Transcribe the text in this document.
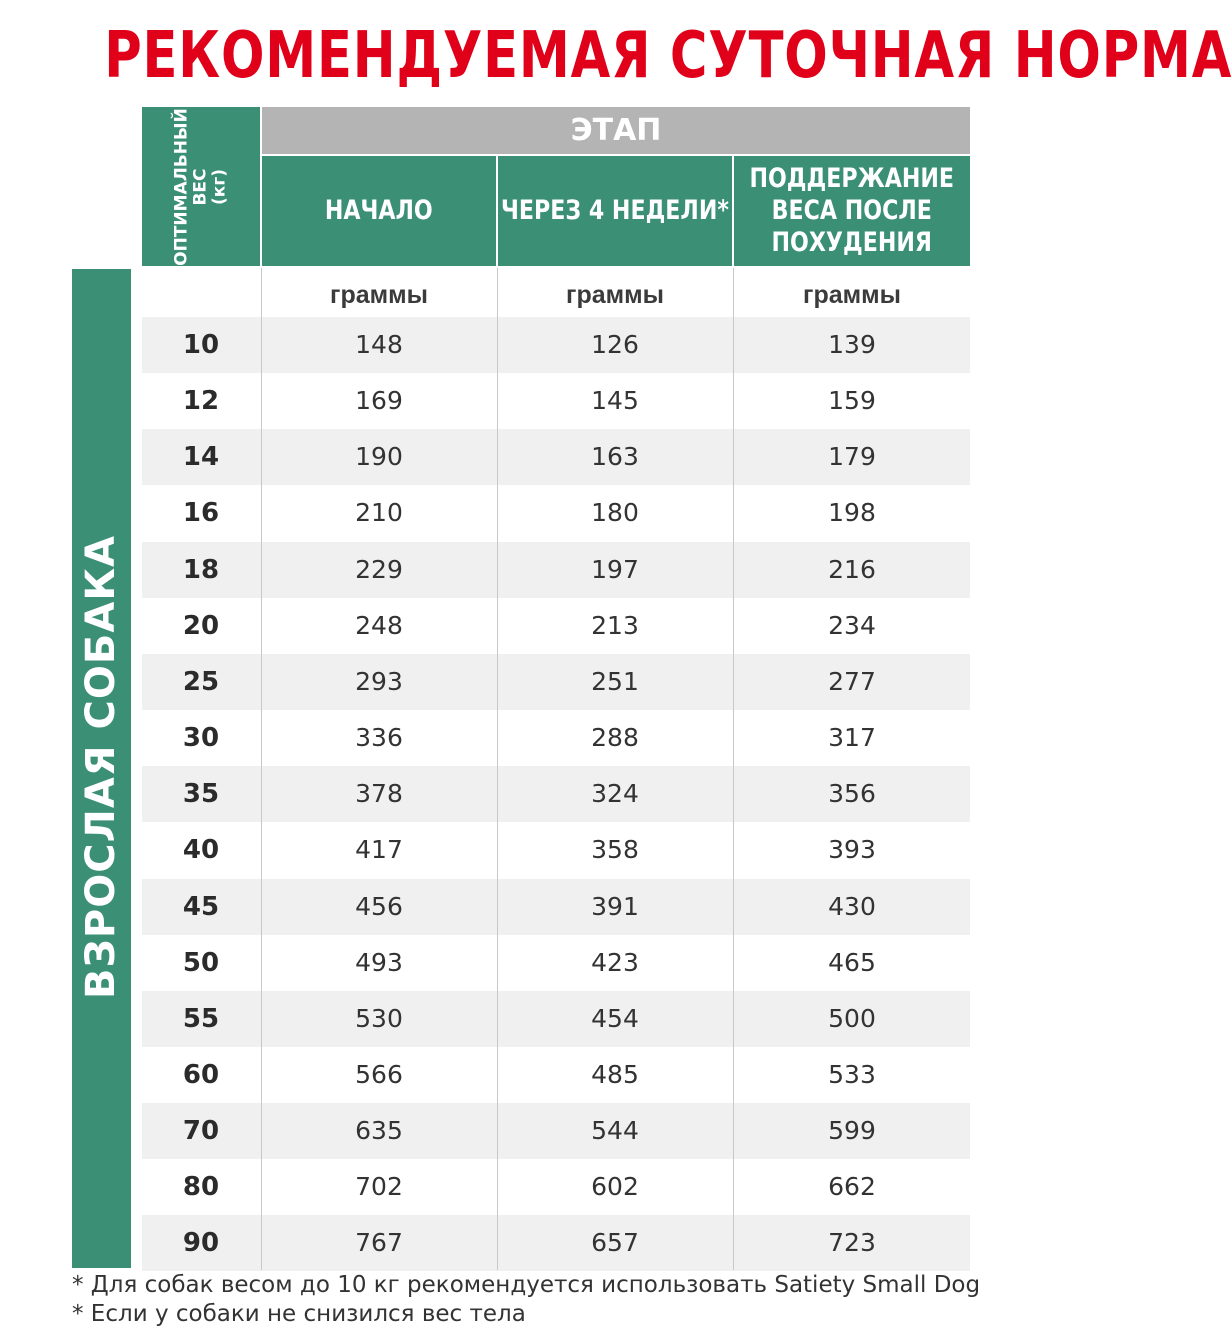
РЕКОМЕНДУЕМАЯ СУТОЧНАЯ НОРМА
ОПТИМАЛЬНЫЙ ВЕС (кг)
ЭТАП
НАЧАЛО	ЧЕРЕЗ 4 НЕДЕЛИ*
ПОДДЕРЖАНИЕ
ВЕСА ПОСЛЕ
ПОХУДЕНИЯ
ВЗРОСЛАЯ СОБАКА
граммы	граммы	граммы
10	148	126	139
12	169	145	159
14	190	163	179
16	210	180	198
18	229	197	216
20	248	213	234
25	293	251	277
30	336	288	317
35	378	324	356
40	417	358	393
45	456	391	430
50	493	423	465
55	530	454	500
60	566	485	533
70	635	544	599
80	702	602	662
90	767	657	723
* Для собак весом до 10 кг рекомендуется использовать Satiety Small Dog
* Если у собаки не снизился вес тела
